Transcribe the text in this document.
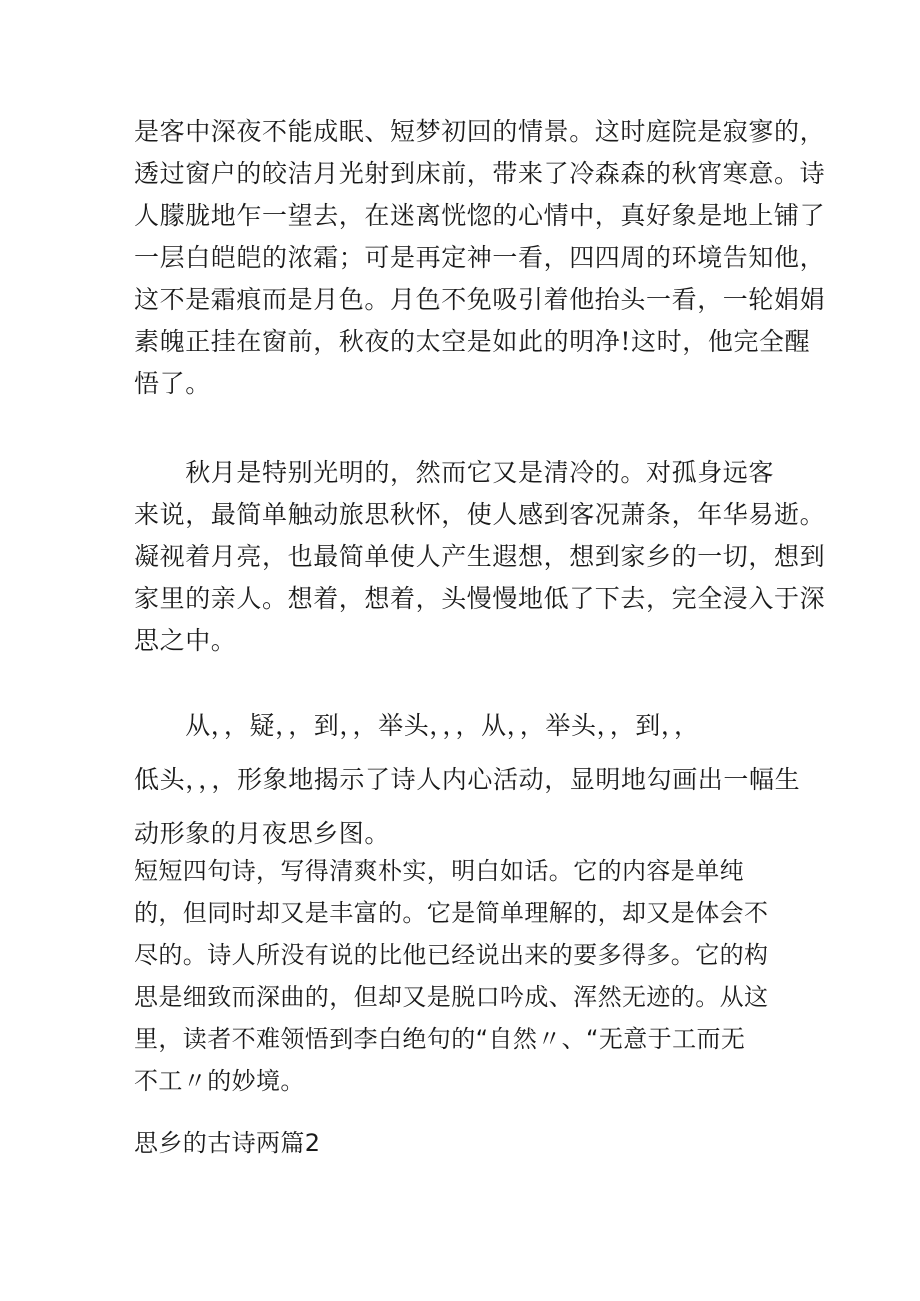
是客中深夜不能成眠、短梦初回的情景。这时庭院是寂寥的，
透过窗户的皎洁月光射到床前，带来了冷森森的秋宵寒意。诗
人朦胧地乍一望去，在迷离恍惚的心情中，真好象是地上铺了
一层白皑皑的浓霜；可是再定神一看，四四周的环境告知他，
这不是霜痕而是月色。月色不免吸引着他抬头一看，一轮娟娟
素魄正挂在窗前，秋夜的太空是如此的明净!这时，他完全醒
悟了。

　　秋月是特别光明的，然而它又是清冷的。对孤身远客
来说，最简单触动旅思秋怀，使人感到客况萧条，年华易逝。
凝视着月亮，也最简单使人产生遐想，想到家乡的一切，想到
家里的亲人。想着，想着，头慢慢地低了下去，完全浸入于深
思之中。

　　从，，疑，，到，，举头，，，从，，举头，，到，，
低头，，，形象地揭示了诗人内心活动，显明地勾画出一幅生
动形象的月夜思乡图。

短短四句诗，写得清爽朴实，明白如话。它的内容是单纯
的，但同时却又是丰富的。它是简单理解的，却又是体会不
尽的。诗人所没有说的比他已经说出来的要多得多。它的构
思是细致而深曲的，但却又是脱口吟成、浑然无迹的。从这
里，读者不难领悟到李白绝句的“自然〃、“无意于工而无
不工〃的妙境。

思乡的古诗两篇2
